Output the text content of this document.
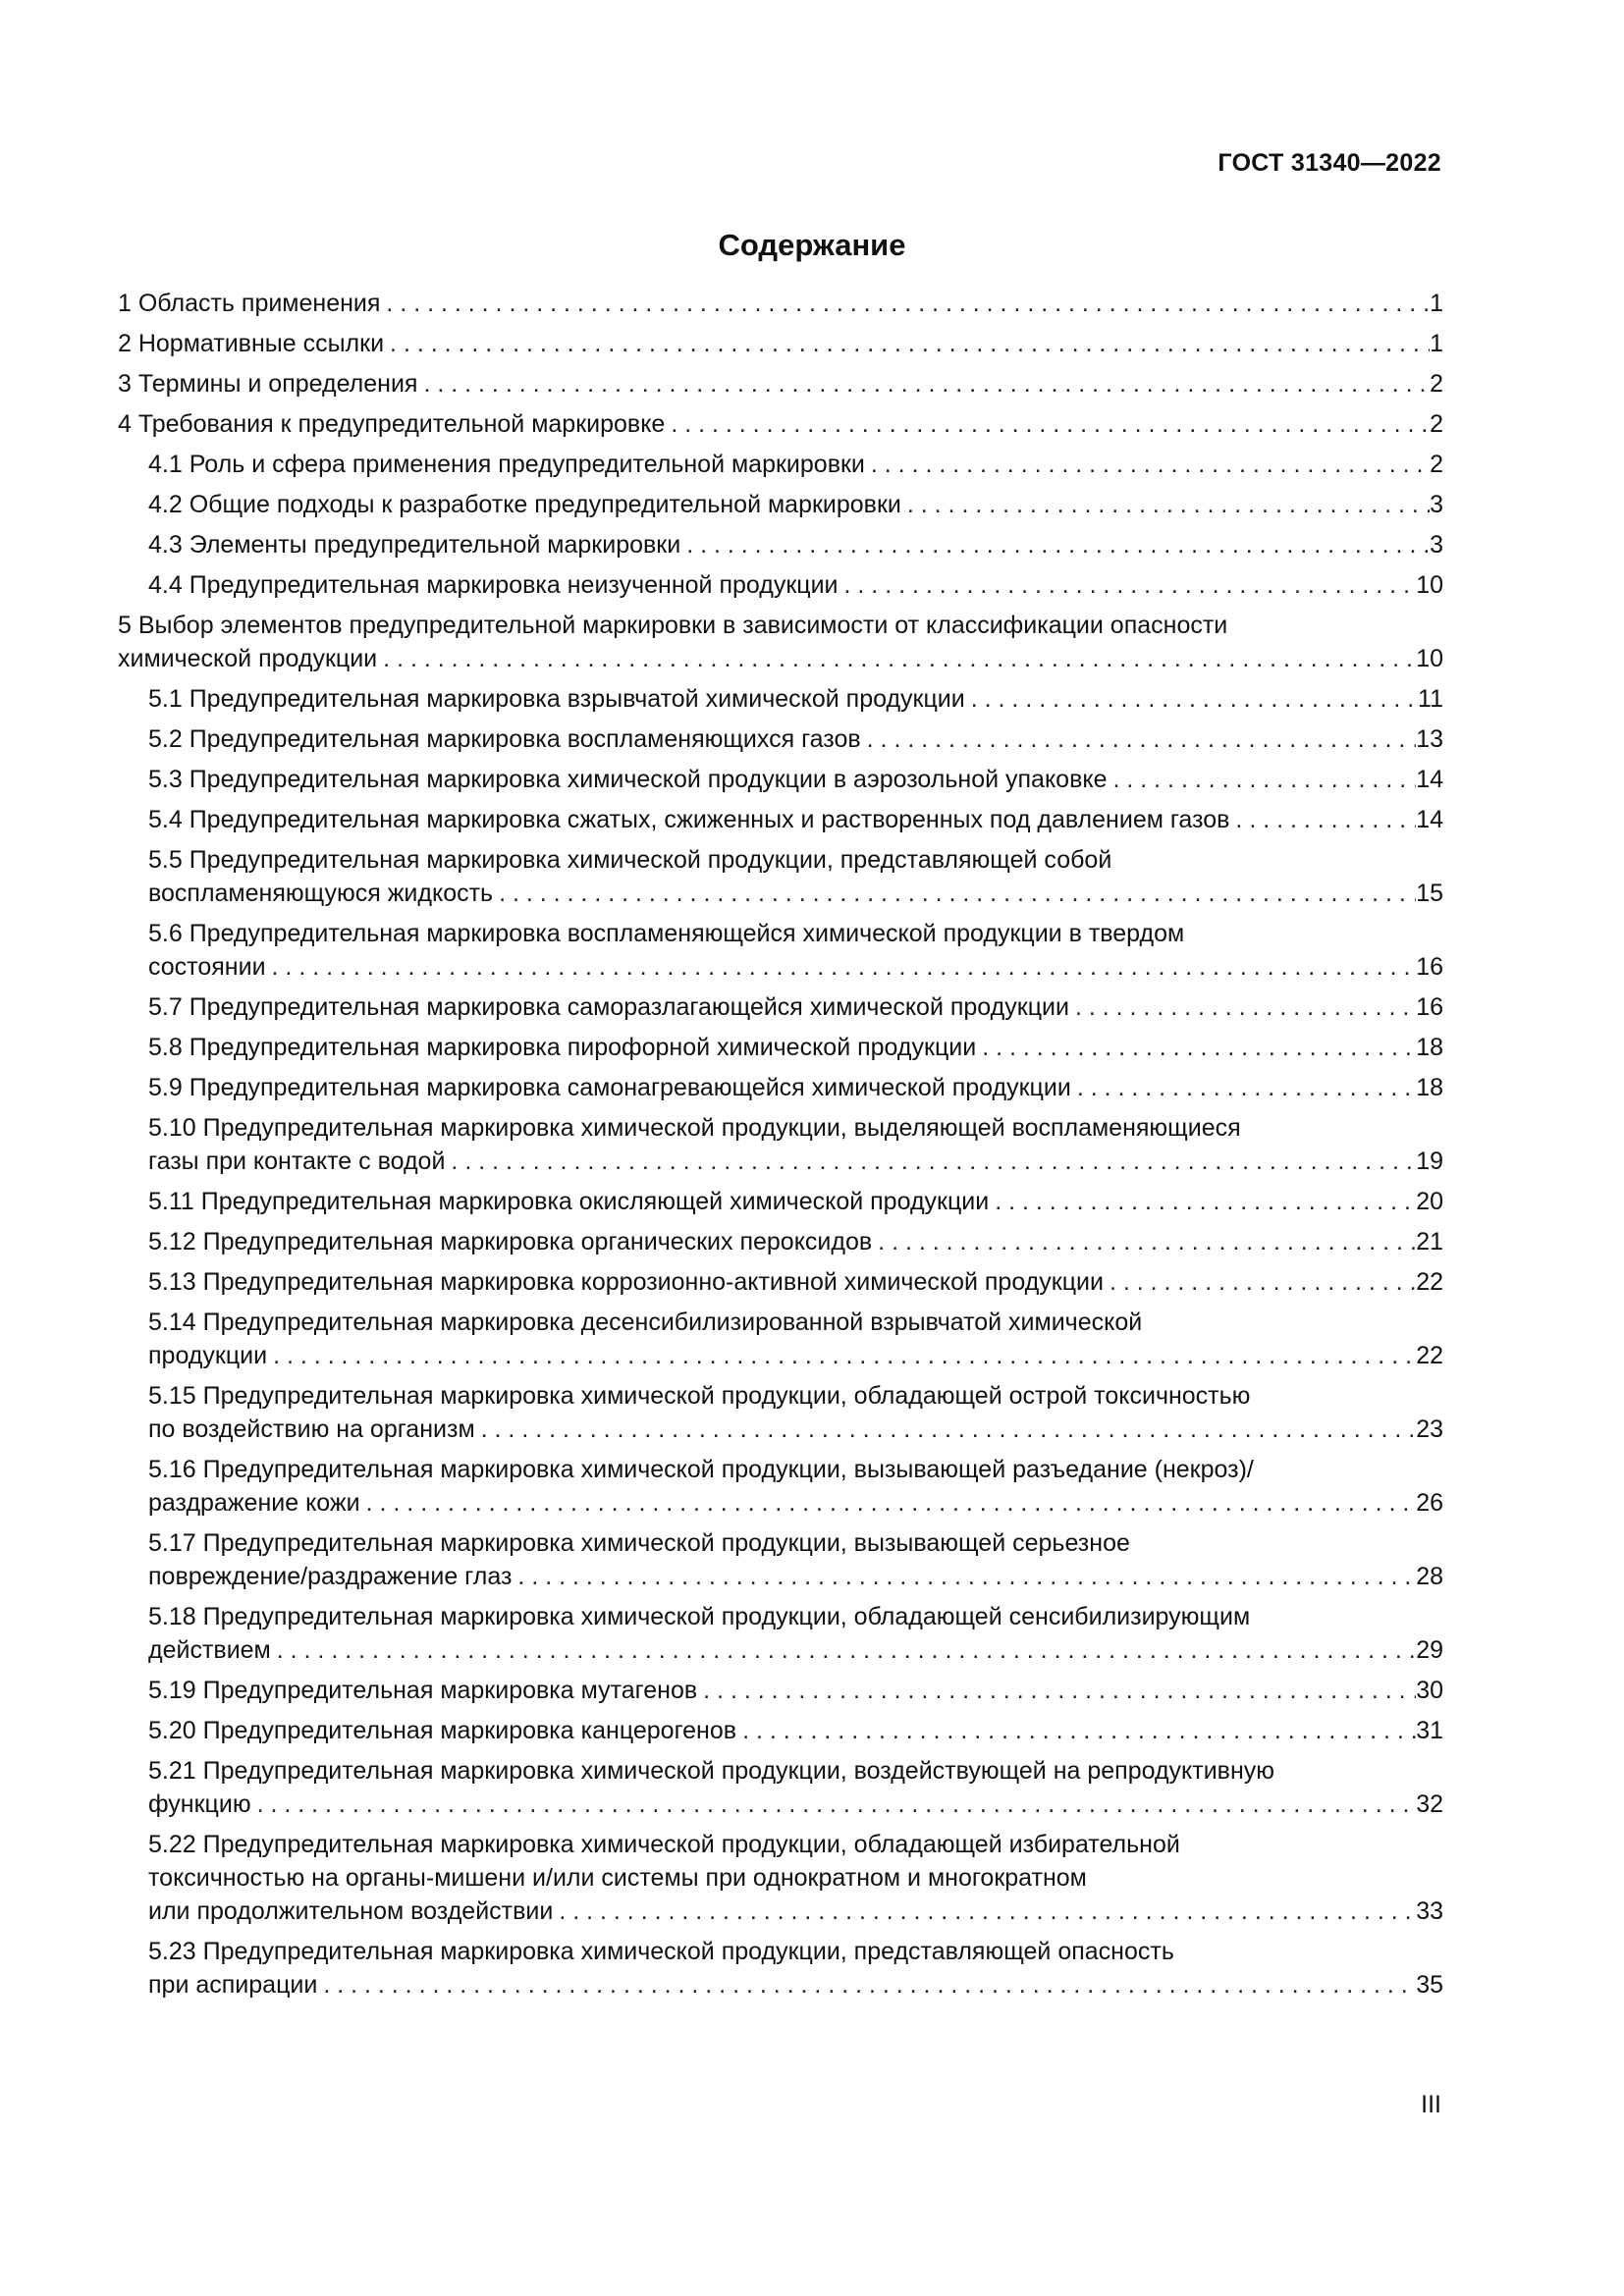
ГОСТ 31340—2022
Содержание
1 Область применения . . .	1
2 Нормативные ссылки . . .	1
3 Термины и определения . . .	2
4 Требования к предупредительной маркировке . . .	2
4.1 Роль и сфера применения предупредительной маркировки . . .	2
4.2 Общие подходы к разработке предупредительной маркировки . . .	3
4.3 Элементы предупредительной маркировки . . .	3
4.4 Предупредительная маркировка неизученной продукции . . .	10
5 Выбор элементов предупредительной маркировки в зависимости от классификации опасности
химической продукции . . .	10
5.1 Предупредительная маркировка взрывчатой химической продукции . . .	11
5.2 Предупредительная маркировка воспламеняющихся газов . . .	13
5.3 Предупредительная маркировка химической продукции в аэрозольной упаковке . . .	14
5.4 Предупредительная маркировка сжатых, сжиженных и растворенных под давлением газов . . .	14
5.5 Предупредительная маркировка химической продукции, представляющей собой
воспламеняющуюся жидкость . . .	15
5.6 Предупредительная маркировка воспламеняющейся химической продукции в твердом
состоянии . . .	16
5.7 Предупредительная маркировка саморазлагающейся химической продукции . . .	16
5.8 Предупредительная маркировка пирофорной химической продукции . . .	18
5.9 Предупредительная маркировка самонагревающейся химической продукции . . .	18
5.10 Предупредительная маркировка химической продукции, выделяющей воспламеняющиеся
газы при контакте с водой . . .	19
5.11 Предупредительная маркировка окисляющей химической продукции . . .	20
5.12 Предупредительная маркировка органических пероксидов . . .	21
5.13 Предупредительная маркировка коррозионно-активной химической продукции . . .	22
5.14 Предупредительная маркировка десенсибилизированной взрывчатой химической
продукции . . .	22
5.15 Предупредительная маркировка химической продукции, обладающей острой токсичностью
по воздействию на организм . . .	23
5.16 Предупредительная маркировка химической продукции, вызывающей разъедание (некроз)/
раздражение кожи . . .	26
5.17 Предупредительная маркировка химической продукции, вызывающей серьезное
повреждение/раздражение глаз . . .	28
5.18 Предупредительная маркировка химической продукции, обладающей сенсибилизирующим
действием . . .	29
5.19 Предупредительная маркировка мутагенов . . .	30
5.20 Предупредительная маркировка канцерогенов . . .	31
5.21 Предупредительная маркировка химической продукции, воздействующей на репродуктивную
функцию . . .	32
5.22 Предупредительная маркировка химической продукции, обладающей избирательной
токсичностью на органы-мишени и/или системы при однократном и многократном
или продолжительном воздействии . . .	33
5.23 Предупредительная маркировка химической продукции, представляющей опасность
при аспирации . . .	35
III
